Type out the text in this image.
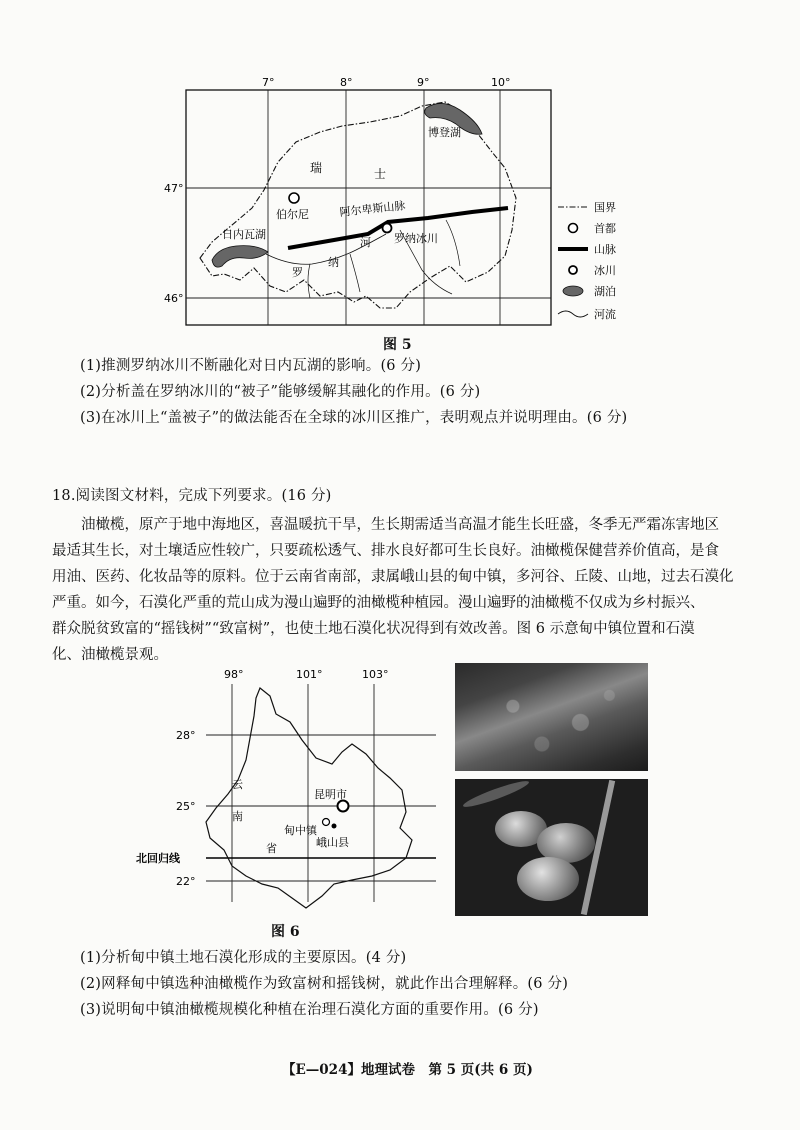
7°	8°	9°	10°
47°
46°
瑞	士
伯尔尼
博登湖
日内瓦湖
阿尔卑斯山脉
罗纳冰川
罗
纳
河
国界
首都
山脉
冰川
湖泊
河流
图 5
(1)推测罗纳冰川不断融化对日内瓦湖的影响。(6 分)
(2)分析盖在罗纳冰川的“被子”能够缓解其融化的作用。(6 分)
(3)在冰川上“盖被子”的做法能否在全球的冰川区推广，表明观点并说明理由。(6 分)
18.阅读图文材料，完成下列要求。(16 分)
油橄榄，原产于地中海地区，喜温暖抗干旱，生长期需适当高温才能生长旺盛，冬季无严霜冻害地区
最适其生长，对土壤适应性较广，只要疏松透气、排水良好都可生长良好。油橄榄保健营养价值高，是食
用油、医药、化妆品等的原料。位于云南省南部，隶属峨山县的甸中镇，多河谷、丘陵、山地，过去石漠化
严重。如今，石漠化严重的荒山成为漫山遍野的油橄榄种植园。漫山遍野的油橄榄不仅成为乡村振兴、
群众脱贫致富的“摇钱树”“致富树”，也使土地石漠化状况得到有效改善。图 6 示意甸中镇位置和石漠
化、油橄榄景观。
98°	101°	103°
28°
25°
22°
北回归线
云
南
省
昆明市
甸中镇
峨山县
图 6
(1)分析甸中镇土地石漠化形成的主要原因。(4 分)
(2)网释甸中镇选种油橄榄作为致富树和摇钱树，就此作出合理解释。(6 分)
(3)说明甸中镇油橄榄规模化种植在治理石漠化方面的重要作用。(6 分)
【E—024】地理试卷　第 5 页(共 6 页)
